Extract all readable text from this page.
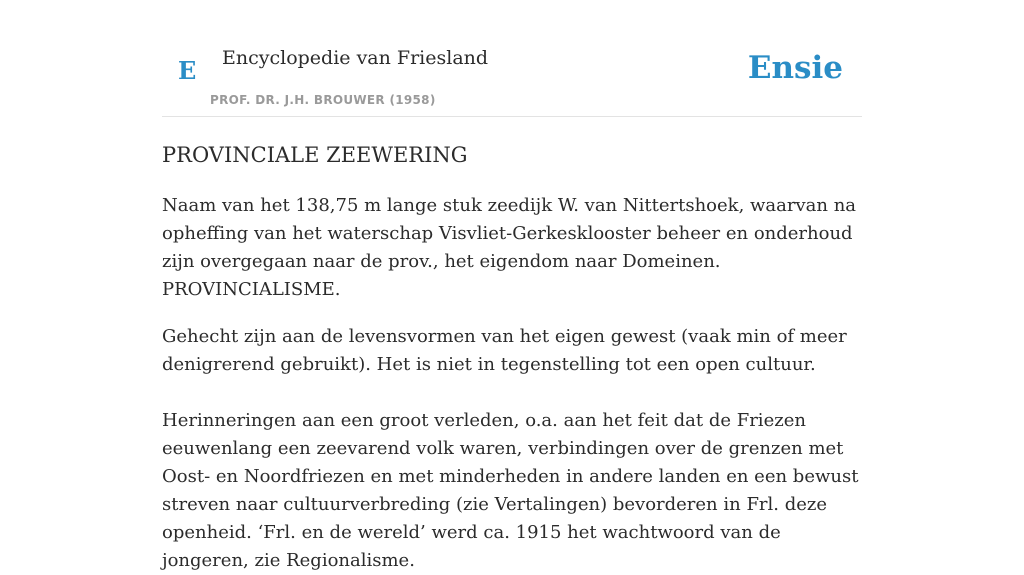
E Encyclopedie van Friesland
PROF. DR. J.H. BROUWER (1958)
Ensie
PROVINCIALE ZEEWERING

Naam van het 138,75 m lange stuk zeedijk W. van Nittertshoek, waarvan na opheffing van het waterschap Visvliet-Gerkesklooster beheer en onderhoud zijn overgegaan naar de prov., het eigendom naar Domeinen. PROVINCIALISME.

Gehecht zijn aan de levensvormen van het eigen gewest (vaak min of meer denigrerend gebruikt). Het is niet in tegenstelling tot een open cultuur.

Herinneringen aan een groot verleden, o.a. aan het feit dat de Friezen eeuwenlang een zeevarend volk waren, verbindingen over de grenzen met Oost- en Noordfriezen en met minderheden in andere landen en een bewust streven naar cultuurverbreding (zie Vertalingen) bevorderen in Frl. deze openheid. ‘Frl. en de wereld’ werd ca. 1915 het wachtwoord van de jongeren, zie Regionalisme.
